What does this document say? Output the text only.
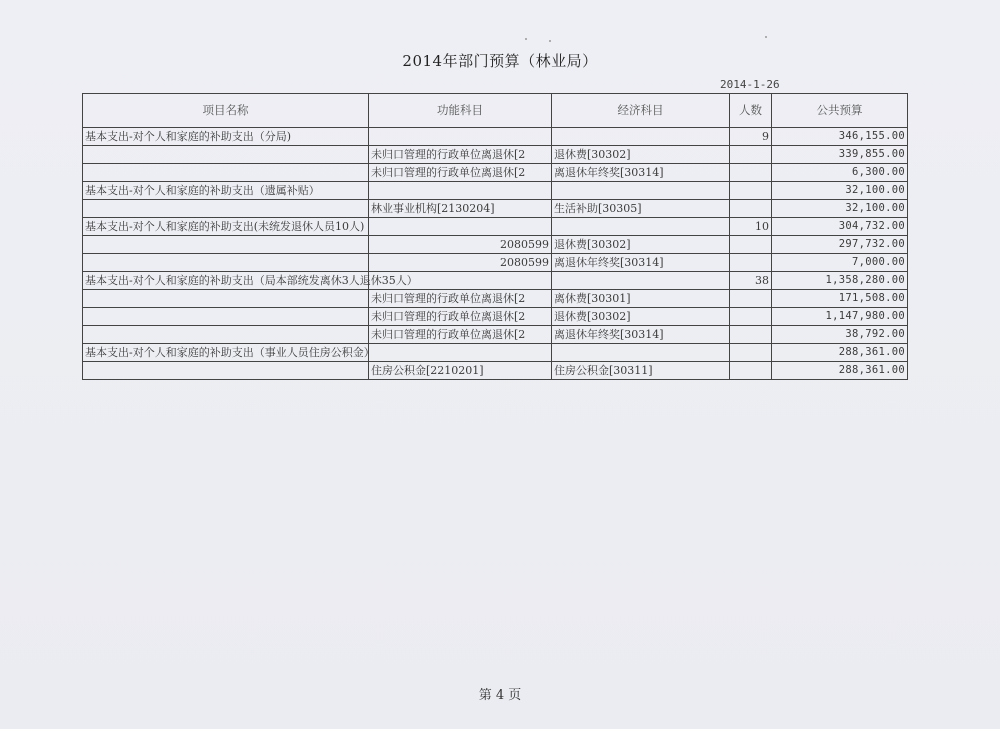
2014年部门预算（林业局）
2014-1-26
项目名称	功能科目	经济科目	人数	公共预算
基本支出-对个人和家庭的补助支出（分局)			9	346,155.00
	未归口管理的行政单位离退休[2	退休费[30302]		339,855.00
	未归口管理的行政单位离退休[2	离退休年终奖[30314]		6,300.00
基本支出-对个人和家庭的补助支出（遗属补贴）				32,100.00
	林业事业机构[2130204]	生活补助[30305]		32,100.00
基本支出-对个人和家庭的补助支出(未统发退休人员10人)			10	304,732.00
	2080599	退休费[30302]		297,732.00
	2080599	离退休年终奖[30314]		7,000.00
基本支出-对个人和家庭的补助支出（局本部统发离休3人退休35人）			38	1,358,280.00
	未归口管理的行政单位离退休[2	离休费[30301]		171,508.00
	未归口管理的行政单位离退休[2	退休费[30302]		1,147,980.00
	未归口管理的行政单位离退休[2	离退休年终奖[30314]		38,792.00
基本支出-对个人和家庭的补助支出（事业人员住房公积金）				288,361.00
	住房公积金[2210201]	住房公积金[30311]		288,361.00
第 4 页
